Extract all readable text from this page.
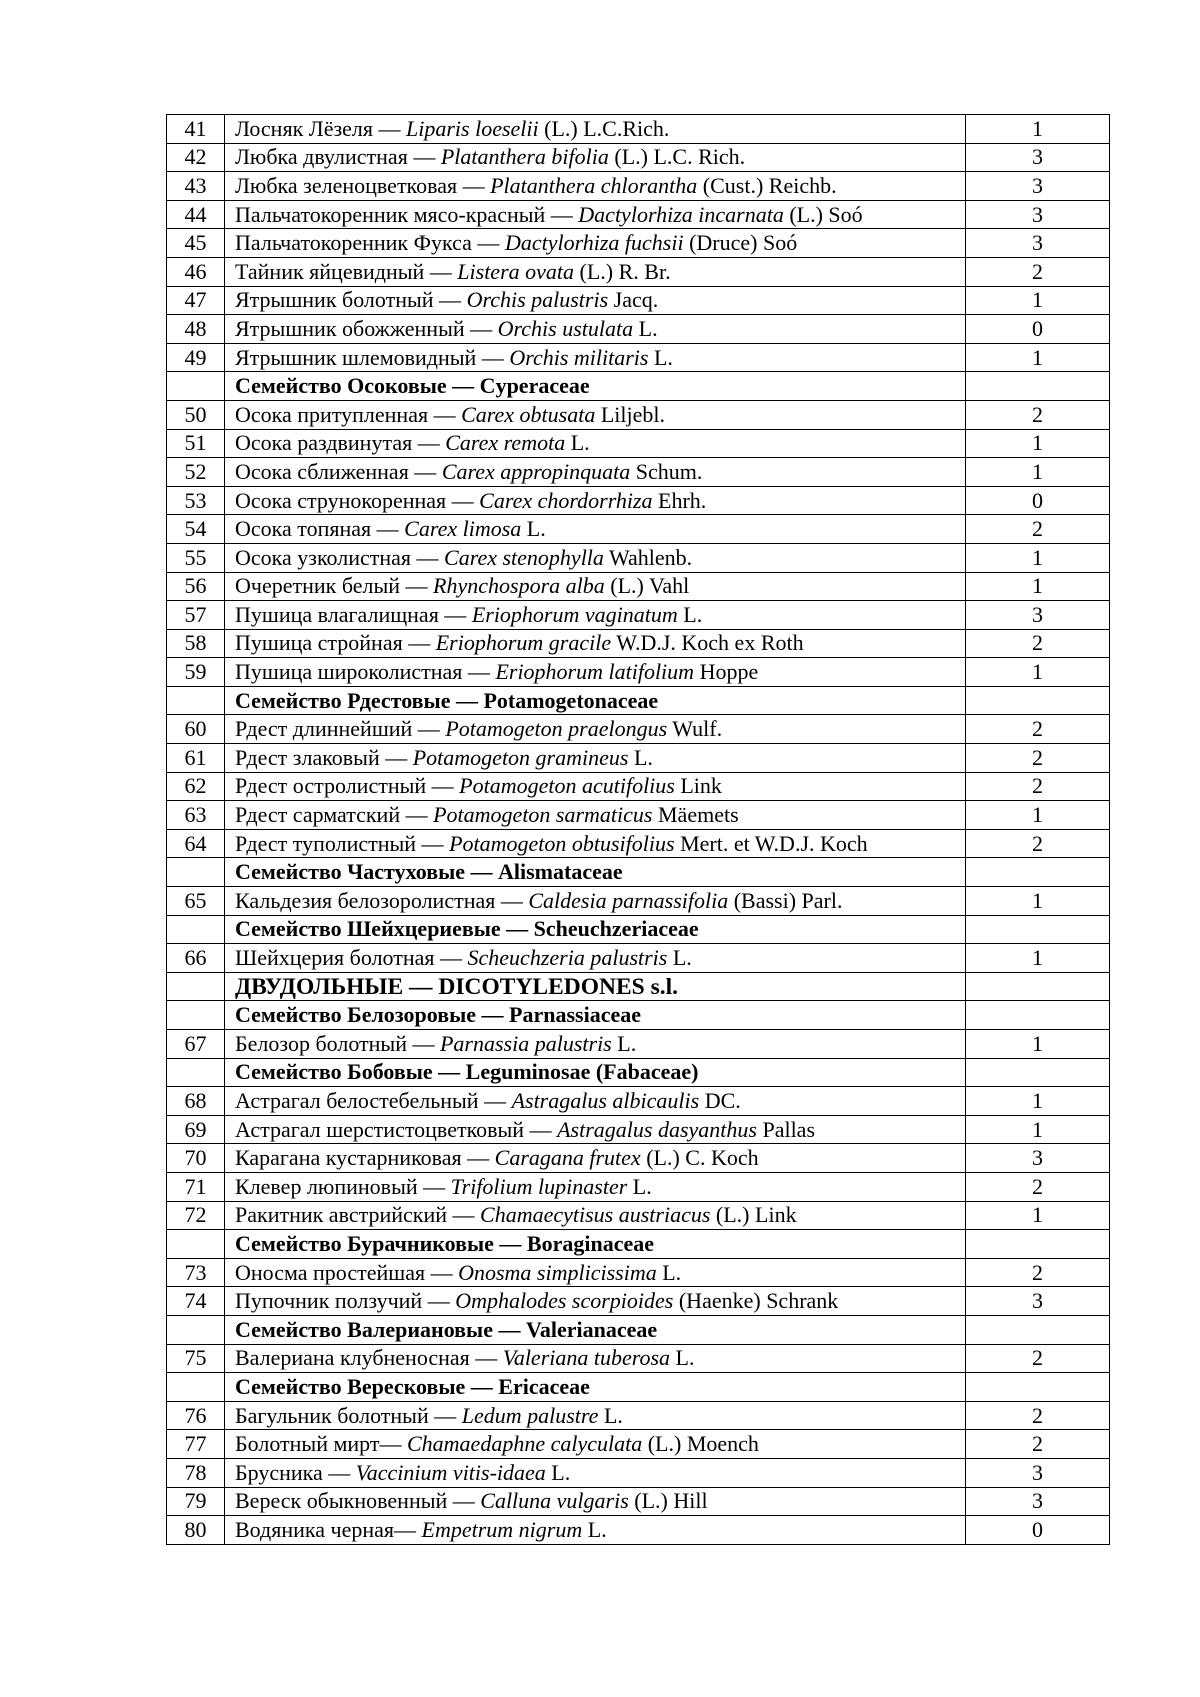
41	Лосняк Лёзеля — Liparis loeselii (L.) L.C.Rich.	1
42	Любка двулистная — Platanthera bifolia (L.) L.C. Rich.	3
43	Любка зеленоцветковая — Platanthera chlorantha (Cust.) Reichb.	3
44	Пальчатокоренник мясо-красный — Dactylorhiza incarnata (L.) Soó	3
45	Пальчатокоренник Фукса — Dactylorhiza fuchsii (Druce) Soó	3
46	Тайник яйцевидный — Listera ovata (L.) R. Br.	2
47	Ятрышник болотный — Orchis palustris Jacq.	1
48	Ятрышник обожженный — Orchis ustulata L.	0
49	Ятрышник шлемовидный — Orchis militaris L.	1
	Семейство Осоковые — Cyperaceae	
50	Осока притупленная — Carex obtusata Liljebl.	2
51	Осока раздвинутая — Carex remota L.	1
52	Осока сближенная — Carex appropinquata Schum.	1
53	Осока струнокоренная — Carex chordorrhiza Ehrh.	0
54	Осока топяная — Carex limosa L.	2
55	Осока узколистная — Carex stenophylla Wahlenb.	1
56	Очеретник белый — Rhynchospora alba (L.) Vahl	1
57	Пушица влагалищная — Eriophorum vaginatum L.	3
58	Пушица стройная — Eriophorum gracile W.D.J. Koch ex Roth	2
59	Пушица широколистная — Eriophorum latifolium Hoppe	1
	Семейство Рдестовые — Potamogetonaceae	
60	Рдест длиннейший — Potamogeton praelongus Wulf.	2
61	Рдест злаковый — Potamogeton gramineus L.	2
62	Рдест остролистный — Potamogeton acutifolius Link	2
63	Рдест сарматский — Potamogeton sarmaticus Mäemets	1
64	Рдест туполистный — Potamogeton obtusifolius Mert. et W.D.J. Koch	2
	Семейство Частуховые — Alismataceae	
65	Кальдезия белозоролистная — Caldesia parnassifolia (Bassi) Parl.	1
	Семейство Шейхцериевые — Scheuchzeriaceae	
66	Шейхцерия болотная — Scheuchzeria palustris L.	1
	ДВУДОЛЬНЫЕ — DICOTYLEDONES s.l.	
	Семейство Белозоровые — Parnassiaceae	
67	Белозор болотный — Parnassia palustris L.	1
	Семейство Бобовые — Leguminosae (Fabaceae)	
68	Астрагал белостебельный — Astragalus albicaulis DC.	1
69	Астрагал шерстистоцветковый — Astragalus dasyanthus Pallas	1
70	Карагана кустарниковая — Caragana frutex (L.) C. Koch	3
71	Клевер люпиновый — Trifolium lupinaster L.	2
72	Ракитник австрийский — Chamaecytisus austriacus (L.) Link	1
	Семейство Бурачниковые — Boraginaceae	
73	Оносма простейшая — Onosma simplicissima L.	2
74	Пупочник ползучий — Omphalodes scorpioides (Haenke) Schrank	3
	Семейство Валериановые — Valerianaceae	
75	Валериана клубненосная — Valeriana tuberosa L.	2
	Семейство Вересковые — Ericaceae	
76	Багульник болотный — Ledum palustre L.	2
77	Болотный мирт— Chamaedaphne calyculata (L.) Moench	2
78	Брусника — Vaccinium vitis-idaea L.	3
79	Вереск обыкновенный — Calluna vulgaris (L.) Hill	3
80	Водяника черная— Empetrum nigrum L.	0
